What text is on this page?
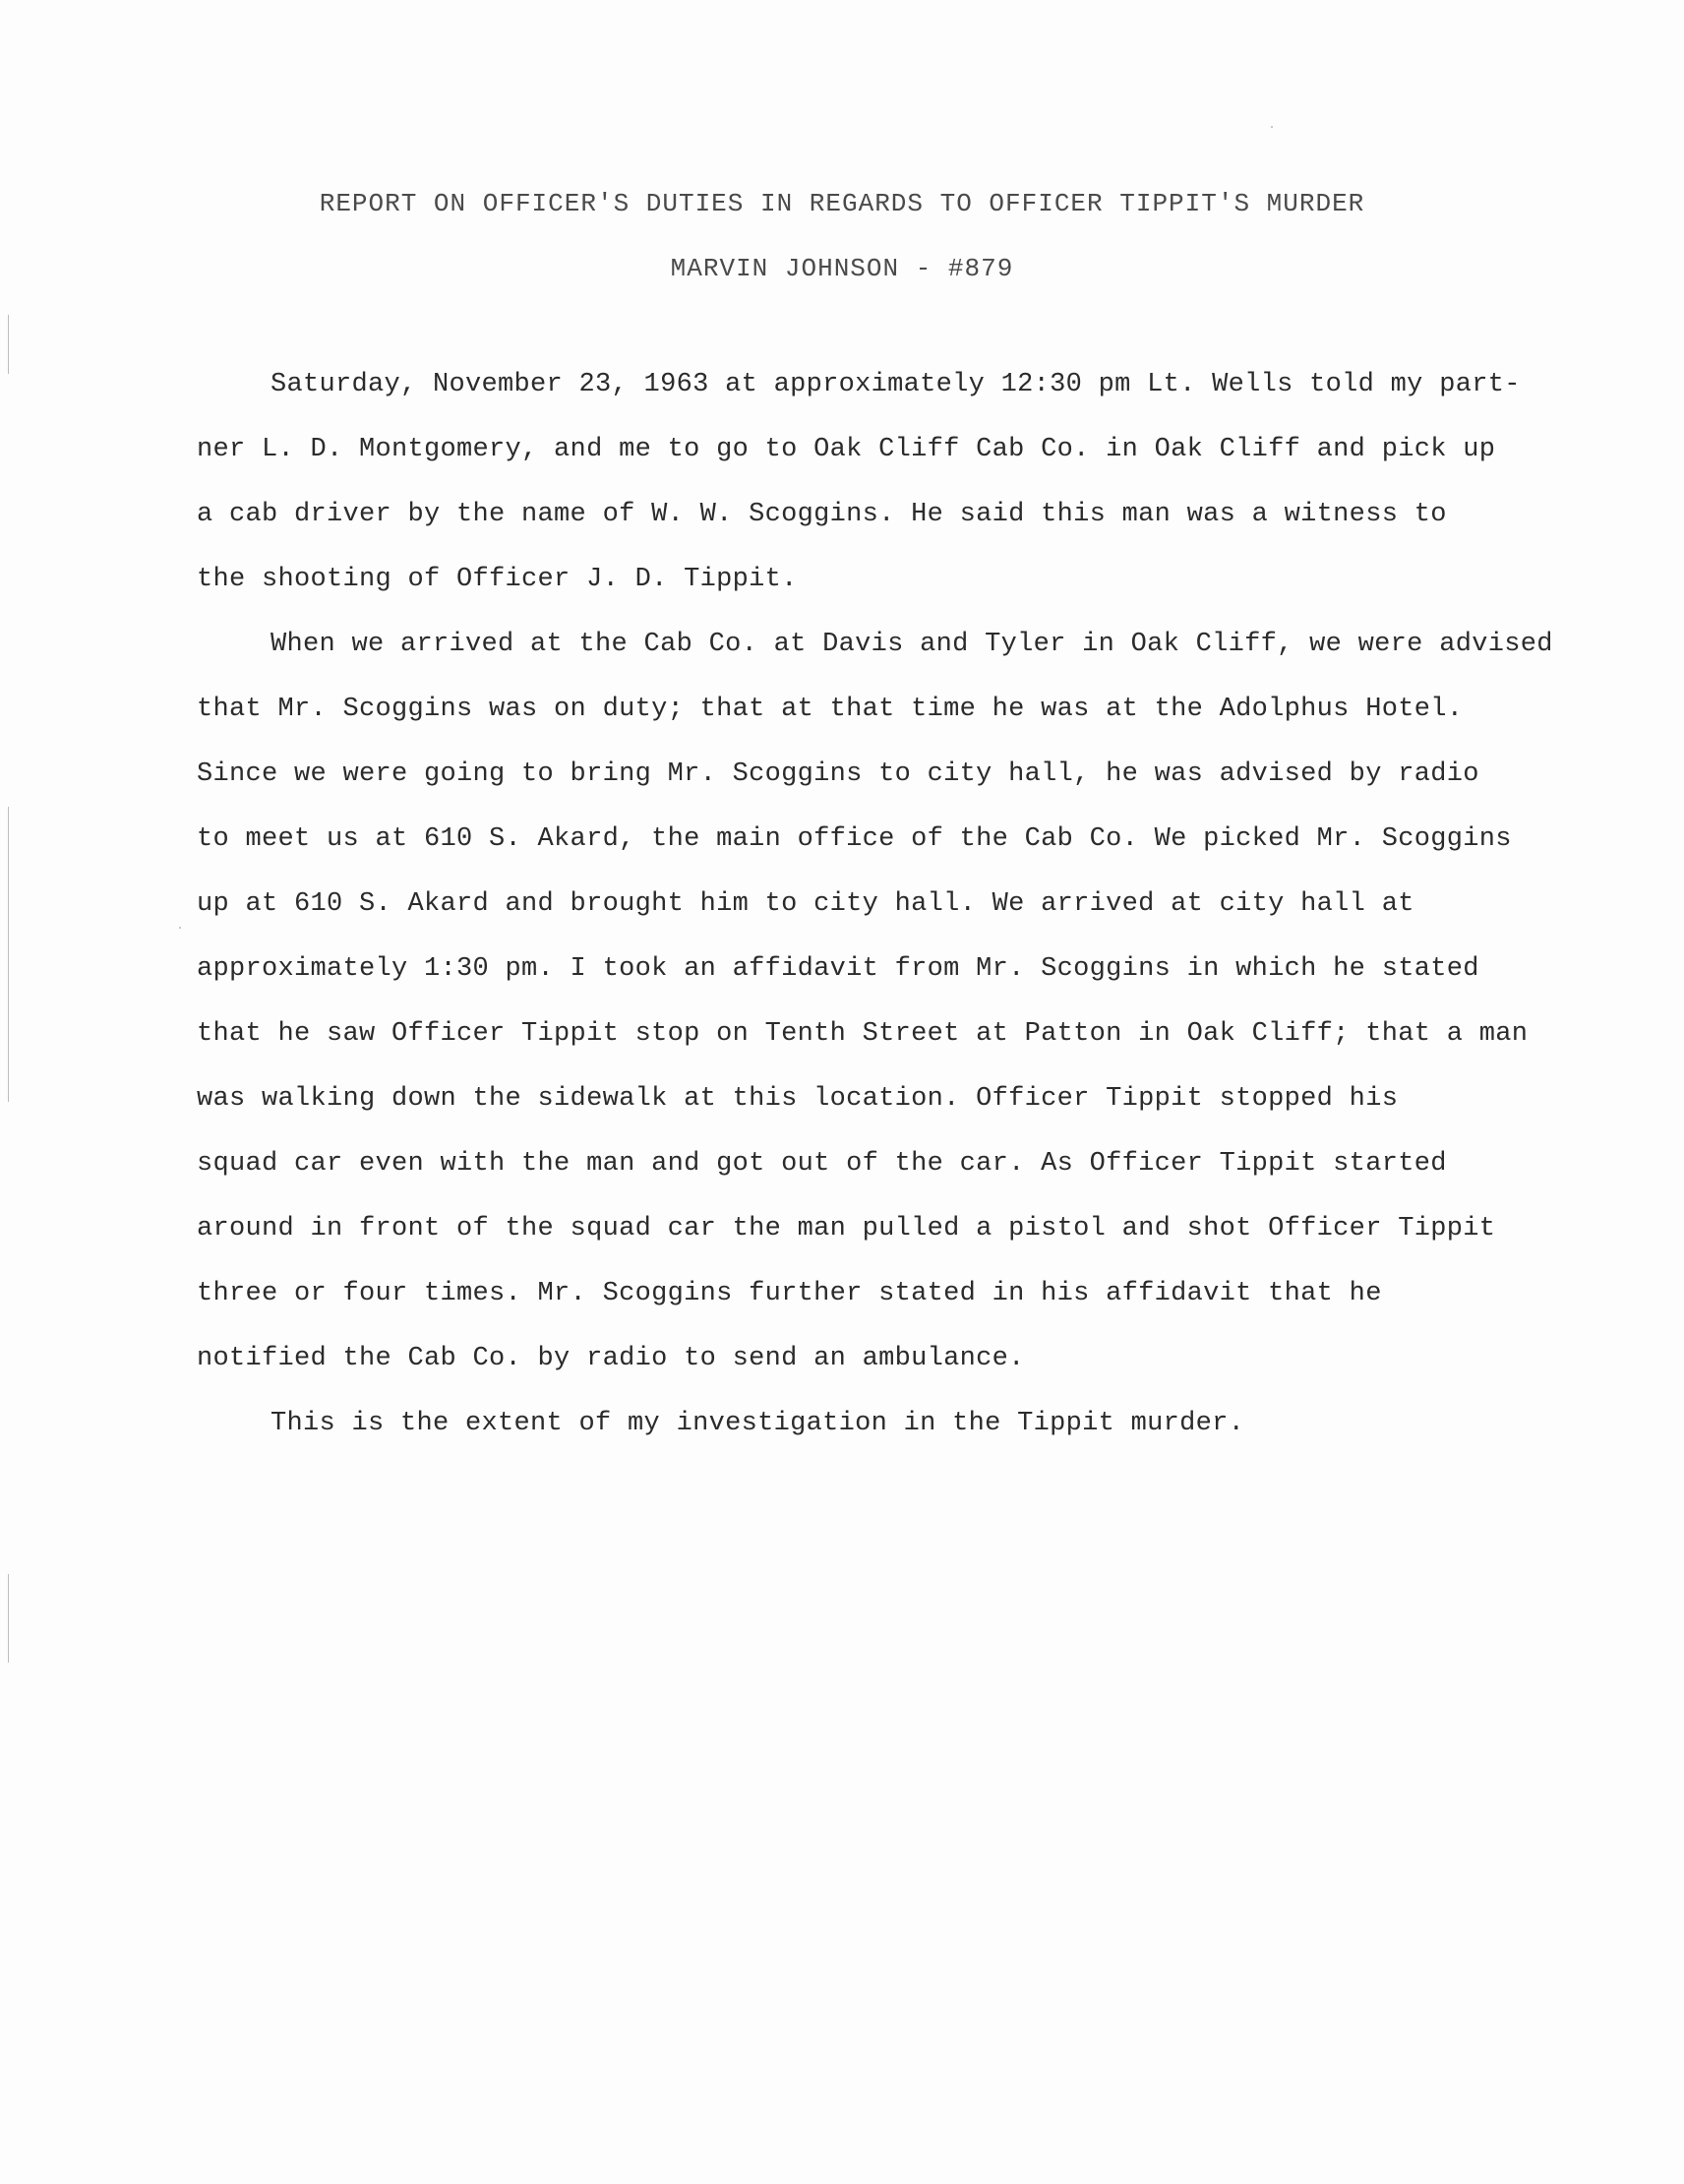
REPORT ON OFFICER'S DUTIES IN REGARDS TO OFFICER TIPPIT'S MURDER
MARVIN JOHNSON - #879
Saturday, November 23, 1963 at approximately 12:30 pm Lt. Wells told my part-
ner L. D. Montgomery, and me to go to Oak Cliff Cab Co. in Oak Cliff and pick up
a cab driver by the name of W. W. Scoggins. He said this man was a witness to
the shooting of Officer J. D. Tippit.
When we arrived at the Cab Co. at Davis and Tyler in Oak Cliff, we were advised
that Mr. Scoggins was on duty; that at that time he was at the Adolphus Hotel.
Since we were going to bring Mr. Scoggins to city hall, he was advised by radio
to meet us at 610 S. Akard, the main office of the Cab Co. We picked Mr. Scoggins
up at 610 S. Akard and brought him to city hall. We arrived at city hall at
approximately 1:30 pm. I took an affidavit from Mr. Scoggins in which he stated
that he saw Officer Tippit stop on Tenth Street at Patton in Oak Cliff; that a man
was walking down the sidewalk at this location. Officer Tippit stopped his
squad car even with the man and got out of the car. As Officer Tippit started
around in front of the squad car the man pulled a pistol and shot Officer Tippit
three or four times. Mr. Scoggins further stated in his affidavit that he
notified the Cab Co. by radio to send an ambulance.
This is the extent of my investigation in the Tippit murder.
